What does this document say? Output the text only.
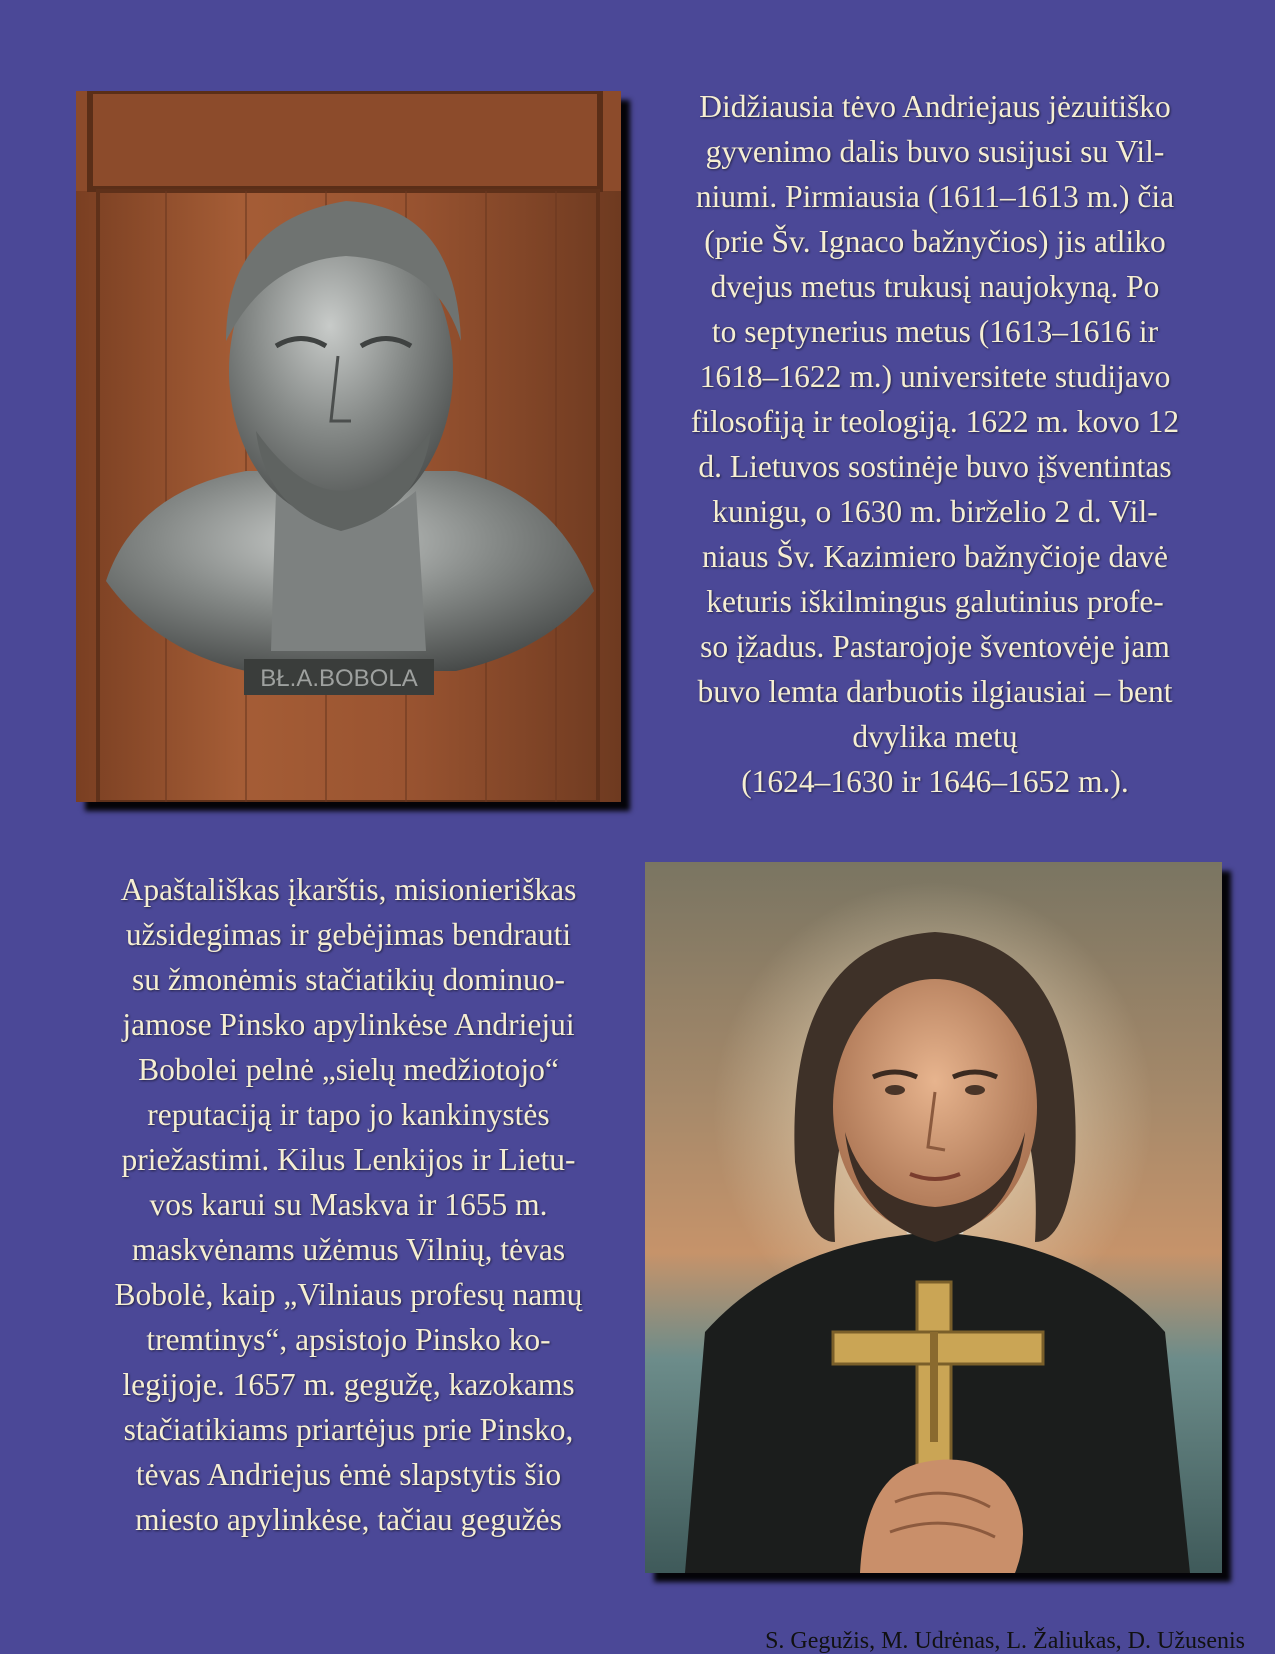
BŁ.A.BOBOLA
Didžiausia tėvo Andriejaus jėzuitiško
gyvenimo dalis buvo susijusi su Vil-
niumi. Pirmiausia (1611–1613 m.) čia
(prie Šv. Ignaco bažnyčios) jis atliko
dvejus metus trukusį naujokyną. Po
to septynerius metus (1613–1616 ir
1618–1622 m.) universitete studijavo
filosofiją ir teologiją. 1622 m. kovo 12
d. Lietuvos sostinėje buvo įšventintas
kunigu, o 1630 m. birželio 2 d. Vil-
niaus Šv. Kazimiero bažnyčioje davė
keturis iškilmingus galutinius profe-
so įžadus. Pastarojoje šventovėje jam
buvo lemta darbuotis ilgiausiai – bent
dvylika metų
(1624–1630 ir 1646–1652 m.).
Apaštališkas įkarštis, misionieriškas
užsidegimas ir gebėjimas bendrauti
su žmonėmis stačiatikių dominuo-
jamose Pinsko apylinkėse Andriejui
Bobolei pelnė „sielų medžiotojo“
reputaciją ir tapo jo kankinystės
priežastimi. Kilus Lenkijos ir Lietu-
vos karui su Maskva ir 1655 m.
maskvėnams užėmus Vilnių, tėvas
Bobolė, kaip „Vilniaus profesų namų
tremtinys“, apsistojo Pinsko ko-
legijoje. 1657 m. gegužę, kazokams
stačiatikiams priartėjus prie Pinsko,
tėvas Andriejus ėmė slapstytis šio
miesto apylinkėse, tačiau gegužės

S. Gegužis, M. Udrėnas, L. Žaliukas, D. Užusenis
